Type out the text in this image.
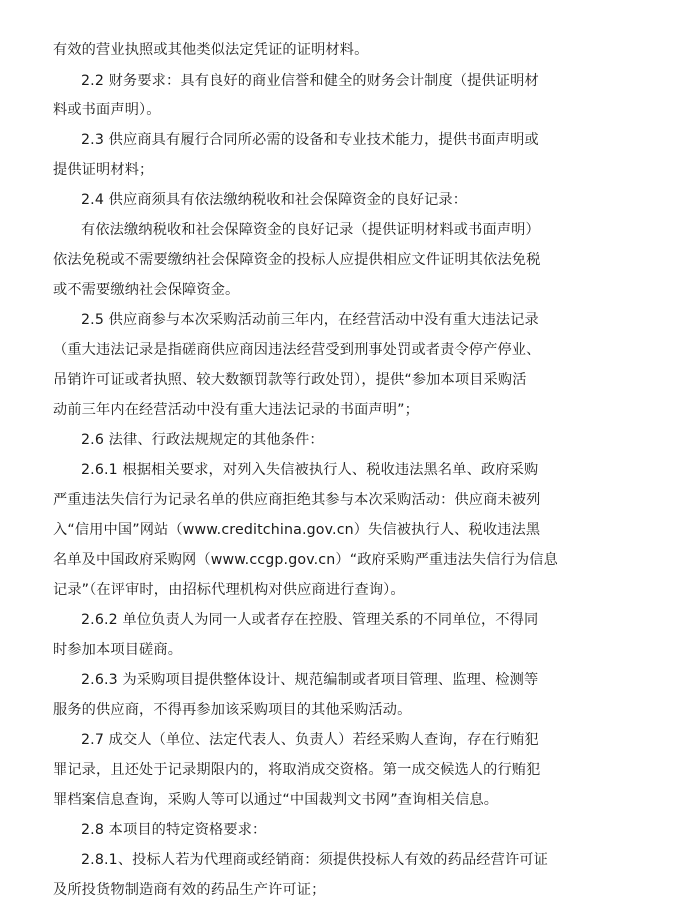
有效的营业执照或其他类似法定凭证的证明材料。
2.2 财务要求：具有良好的商业信誉和健全的财务会计制度（提供证明材
料或书面声明）。
2.3 供应商具有履行合同所必需的设备和专业技术能力，提供书面声明或
提供证明材料；
2.4 供应商须具有依法缴纳税收和社会保障资金的良好记录：
有依法缴纳税收和社会保障资金的良好记录（提供证明材料或书面声明）
依法免税或不需要缴纳社会保障资金的投标人应提供相应文件证明其依法免税
或不需要缴纳社会保障资金。
2.5 供应商参与本次采购活动前三年内，在经营活动中没有重大违法记录
（重大违法记录是指磋商供应商因违法经营受到刑事处罚或者责令停产停业、
吊销许可证或者执照、较大数额罚款等行政处罚），提供“参加本项目采购活
动前三年内在经营活动中没有重大违法记录的书面声明”；
2.6 法律、行政法规规定的其他条件：
2.6.1 根据相关要求，对列入失信被执行人、税收违法黑名单、政府采购
严重违法失信行为记录名单的供应商拒绝其参与本次采购活动：供应商未被列
入“信用中国”网站（www.creditchina.gov.cn）失信被执行人、税收违法黑
名单及中国政府采购网（www.ccgp.gov.cn）“政府采购严重违法失信行为信息
记录”（在评审时，由招标代理机构对供应商进行查询）。
2.6.2 单位负责人为同一人或者存在控股、管理关系的不同单位，不得同
时参加本项目磋商。
2.6.3 为采购项目提供整体设计、规范编制或者项目管理、监理、检测等
服务的供应商，不得再参加该采购项目的其他采购活动。
2.7 成交人（单位、法定代表人、负责人）若经采购人查询，存在行贿犯
罪记录，且还处于记录期限内的，将取消成交资格。第一成交候选人的行贿犯
罪档案信息查询，采购人等可以通过“中国裁判文书网”查询相关信息。
2.8 本项目的特定资格要求：
2.8.1、投标人若为代理商或经销商：须提供投标人有效的药品经营许可证
及所投货物制造商有效的药品生产许可证；
